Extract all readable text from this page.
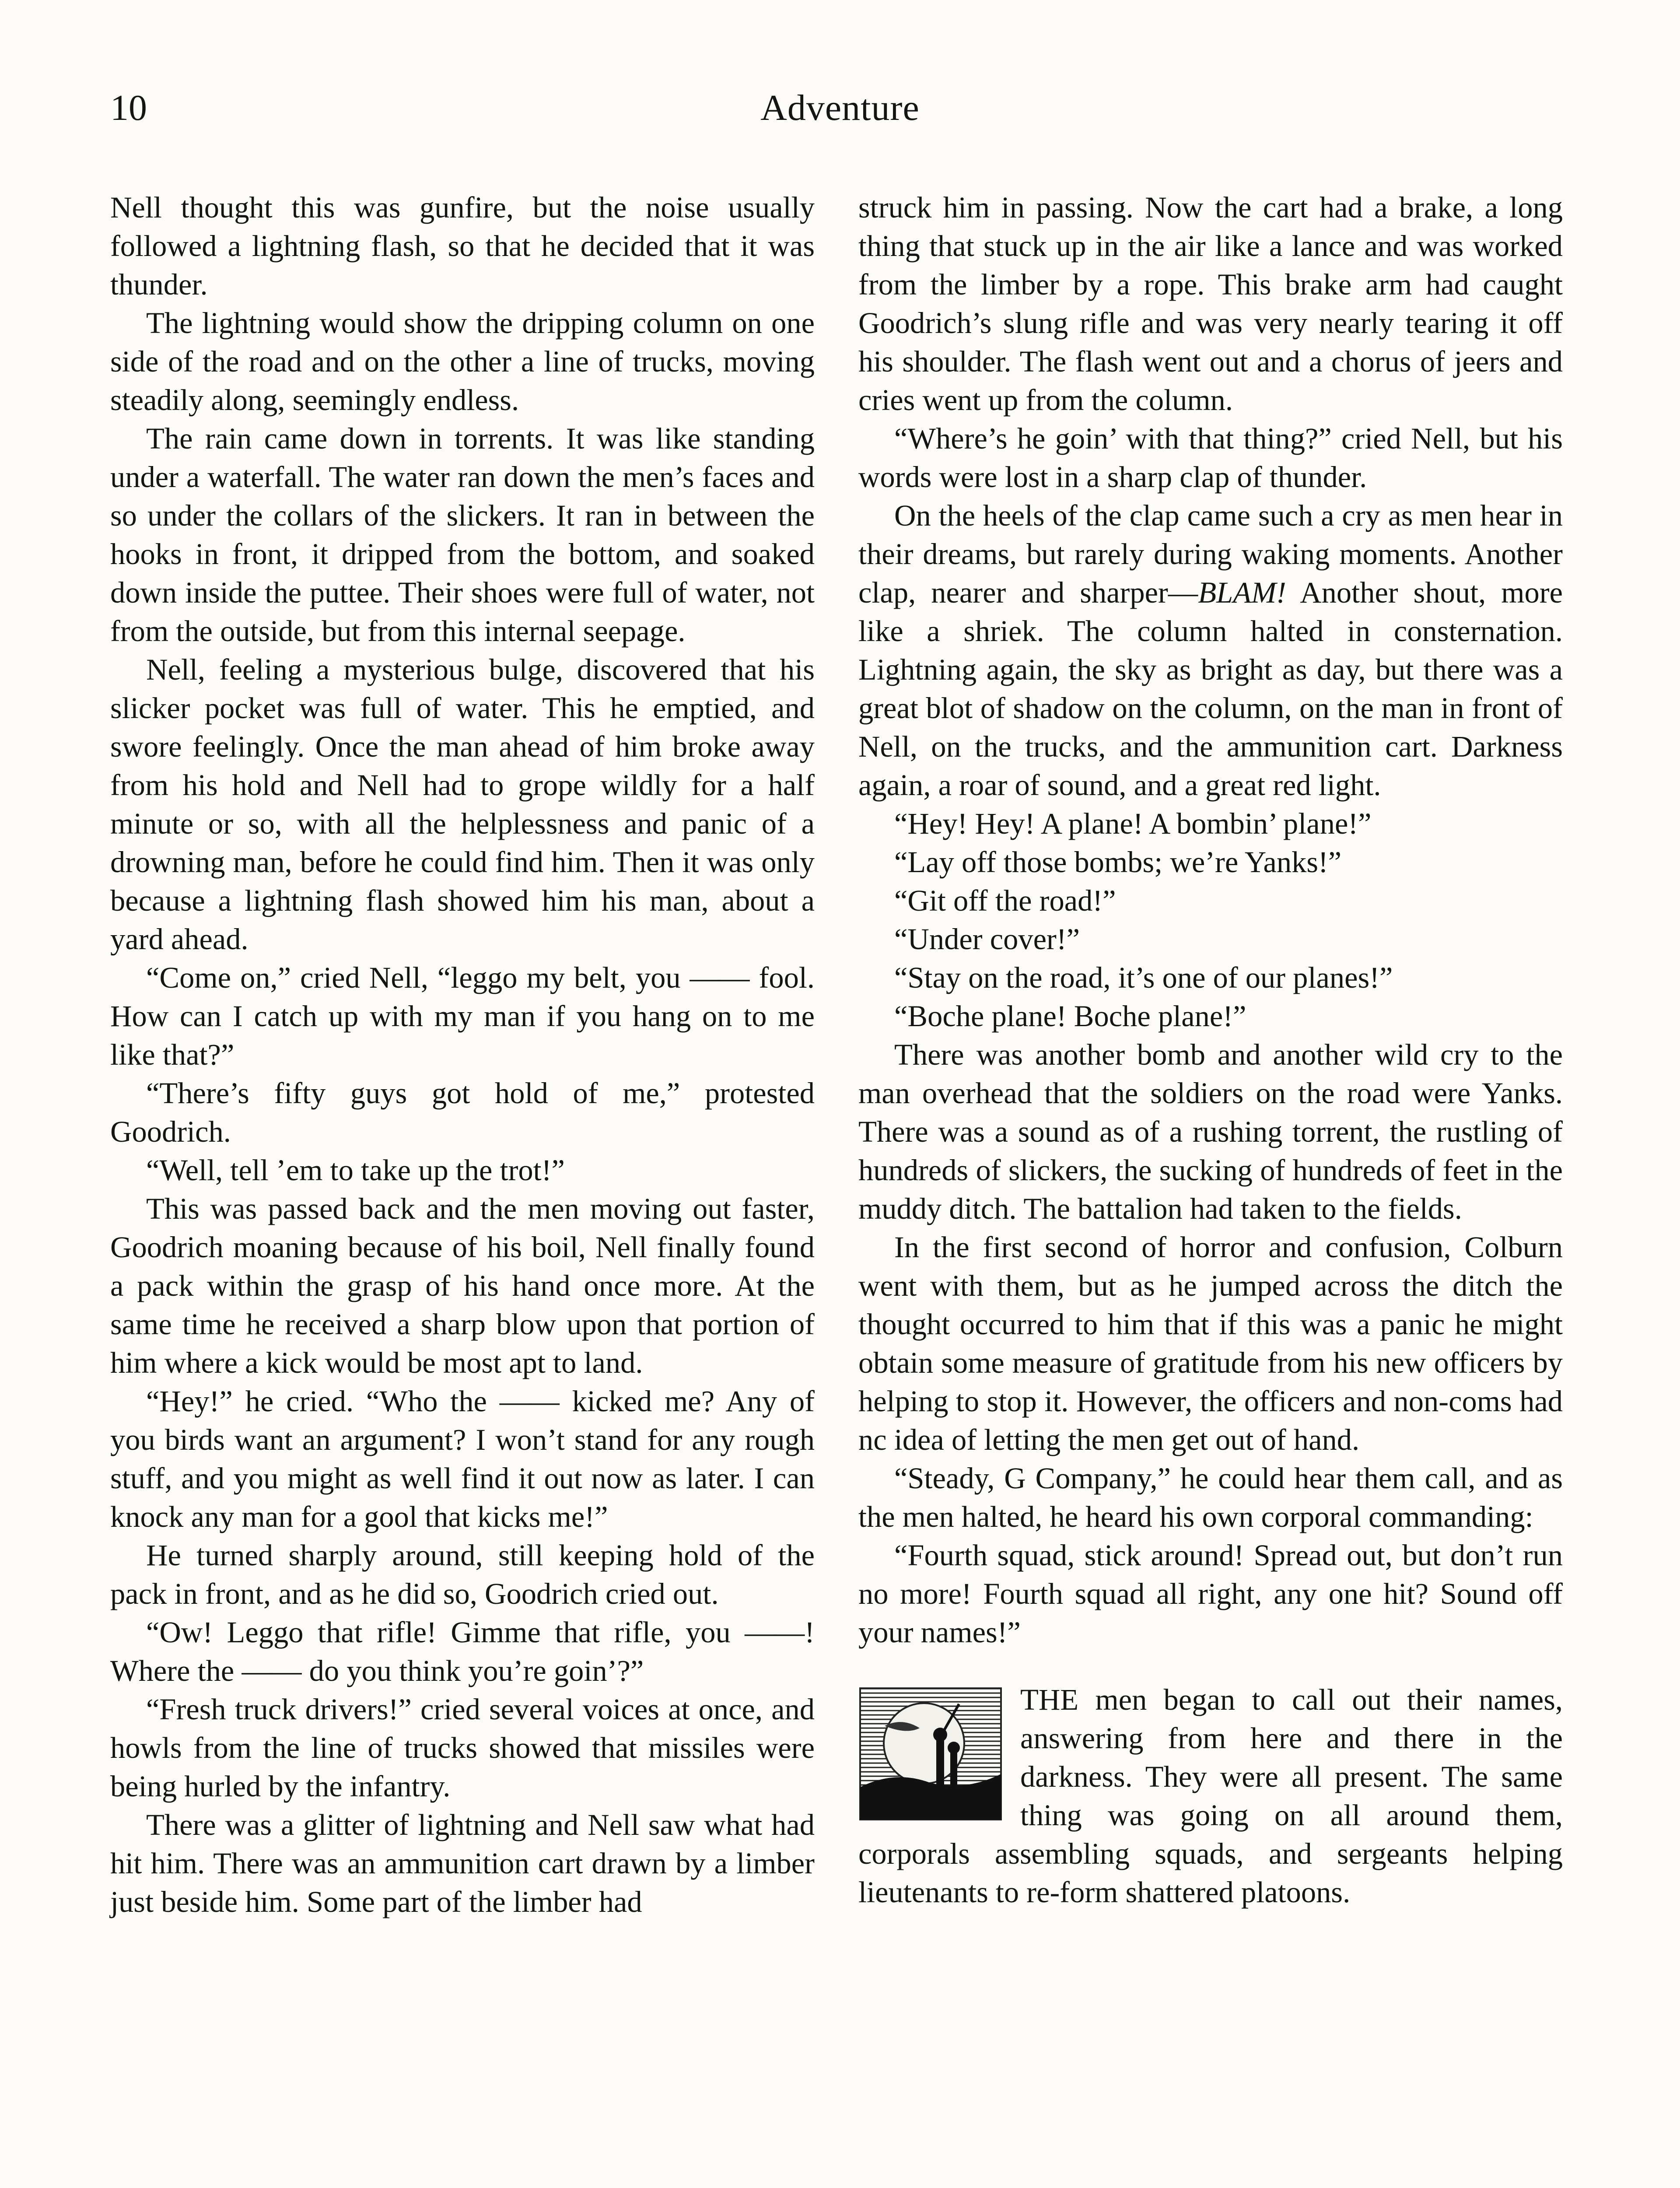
10	Adventure

Nell thought this was gunfire, but the noise usually followed a lightning flash, so that he decided that it was thunder.

The lightning would show the dripping column on one side of the road and on the other a line of trucks, moving steadily along, seemingly endless.

The rain came down in torrents. It was like standing under a waterfall. The water ran down the men’s faces and so under the collars of the slickers. It ran in between the hooks in front, it dripped from the bottom, and soaked down inside the puttee. Their shoes were full of water, not from the outside, but from this internal seepage.

Nell, feeling a mysterious bulge, discovered that his slicker pocket was full of water. This he emptied, and swore feelingly. Once the man ahead of him broke away from his hold and Nell had to grope wildly for a half minute or so, with all the helplessness and panic of a drowning man, before he could find him. Then it was only because a lightning flash showed him his man, about a yard ahead.

“Come on,” cried Nell, “leggo my belt, you —— fool. How can I catch up with my man if you hang on to me like that?”

“There’s fifty guys got hold of me,” protested Goodrich.

“Well, tell ’em to take up the trot!”

This was passed back and the men moving out faster, Goodrich moaning because of his boil, Nell finally found a pack within the grasp of his hand once more. At the same time he received a sharp blow upon that portion of him where a kick would be most apt to land.

“Hey!” he cried. “Who the —— kicked me? Any of you birds want an argument? I won’t stand for any rough stuff, and you might as well find it out now as later. I can knock any man for a gool that kicks me!”

He turned sharply around, still keeping hold of the pack in front, and as he did so, Goodrich cried out.

“Ow! Leggo that rifle! Gimme that rifle, you ——! Where the —— do you think you’re goin’?”

“Fresh truck drivers!” cried several voices at once, and howls from the line of trucks showed that missiles were being hurled by the infantry.

There was a glitter of lightning and Nell saw what had hit him. There was an ammunition cart drawn by a limber just beside him. Some part of the limber had

struck him in passing. Now the cart had a brake, a long thing that stuck up in the air like a lance and was worked from the limber by a rope. This brake arm had caught Goodrich’s slung rifle and was very nearly tearing it off his shoulder. The flash went out and a chorus of jeers and cries went up from the column.

“Where’s he goin’ with that thing?” cried Nell, but his words were lost in a sharp clap of thunder.

On the heels of the clap came such a cry as men hear in their dreams, but rarely during waking moments. Another clap, nearer and sharper—BLAM! Another shout, more like a shriek. The column halted in consternation. Lightning again, the sky as bright as day, but there was a great blot of shadow on the column, on the man in front of Nell, on the trucks, and the ammunition cart. Darkness again, a roar of sound, and a great red light.

“Hey! Hey! A plane! A bombin’ plane!”

“Lay off those bombs; we’re Yanks!”

“Git off the road!”

“Under cover!”

“Stay on the road, it’s one of our planes!”

“Boche plane! Boche plane!”

There was another bomb and another wild cry to the man overhead that the soldiers on the road were Yanks. There was a sound as of a rushing torrent, the rustling of hundreds of slickers, the sucking of hundreds of feet in the muddy ditch. The battalion had taken to the fields.

In the first second of horror and confusion, Colburn went with them, but as he jumped across the ditch the thought occurred to him that if this was a panic he might obtain some measure of gratitude from his new officers by helping to stop it. However, the officers and non-coms had nc idea of letting the men get out of hand.

“Steady, G Company,” he could hear them call, and as the men halted, he heard his own corporal commanding:

“Fourth squad, stick around! Spread out, but don’t run no more! Fourth squad all right, any one hit? Sound off your names!”

THE men began to call out their names, answering from here and there in the darkness. They were all present. The same thing was going on all around them, corporals assembling squads, and sergeants helping lieutenants to re-form shattered platoons.
